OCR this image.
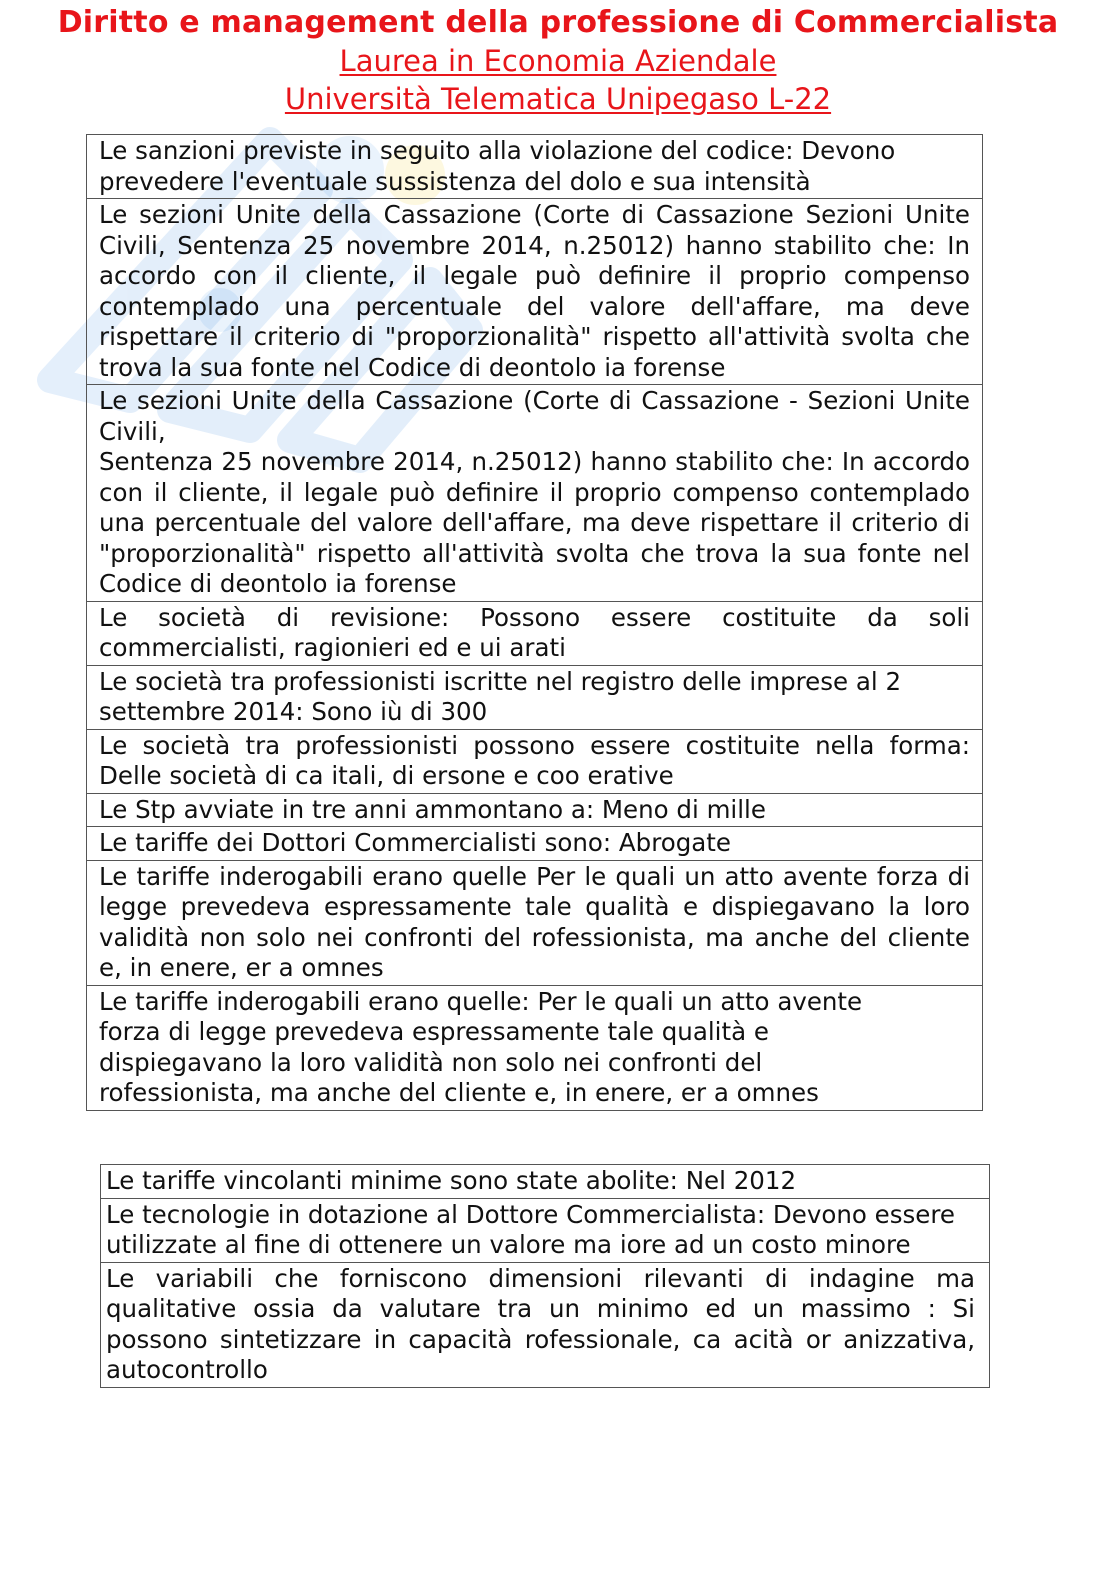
Diritto e management della professione di Commercialista
Laurea in Economia Aziendale
Università Telematica Unipegaso L-22
Le sanzioni previste in seguito alla violazione del codice: Devono prevedere l'eventuale sussistenza del dolo e sua intensità
Le sezioni Unite della Cassazione (Corte di Cassazione Sezioni Unite Civili, Sentenza 25 novembre 2014, n.25012) hanno stabilito che: In accordo con il cliente, il legale può definire il proprio compenso contemplado una percentuale del valore dell'affare, ma deve rispettare il criterio di "proporzionalità" rispetto all'attività svolta che trova la sua fonte nel Codice di deontolo ia forense

Le sezioni Unite della Cassazione (Corte di Cassazione - Sezioni Unite Civili,
Sentenza 25 novembre 2014, n.25012) hanno stabilito che: In accordo con il cliente, il legale può definire il proprio compenso contemplado una percentuale del valore dell'affare, ma deve rispettare il criterio di "proporzionalità" rispetto all'attività svolta che trova la sua fonte nel Codice di deontolo ia forense

Le società di revisione: Possono essere costituite da soli commercialisti, ragionieri ed e ui arati
Le società tra professionisti iscritte nel registro delle imprese al 2 settembre 2014: Sono iù di 300
Le società tra professionisti possono essere costituite nella forma: Delle società di ca itali, di ersone e coo erative
Le Stp avviate in tre anni ammontano a: Meno di mille
Le tariffe dei Dottori Commercialisti sono: Abrogate
Le tariffe inderogabili erano quelle Per le quali un atto avente forza di legge prevedeva espressamente tale qualità e dispiegavano la loro validità non solo nei confronti del rofessionista, ma anche del cliente e, in enere, er a omnes

Le tariffe inderogabili erano quelle: Per le quali un atto avente
forza di legge prevedeva espressamente tale qualità e
dispiegavano la loro validità non solo nei confronti del
rofessionista, ma anche del cliente e, in enere, er a omnes
Le tariffe vincolanti minime sono state abolite: Nel 2012
Le tecnologie in dotazione al Dottore Commercialista: Devono essere utilizzate al fine di ottenere un valore ma iore ad un costo minore
Le variabili che forniscono dimensioni rilevanti di indagine ma qualitative ossia da valutare tra un minimo ed un massimo : Si possono sintetizzare in capacità rofessionale, ca acità or anizzativa, autocontrollo
